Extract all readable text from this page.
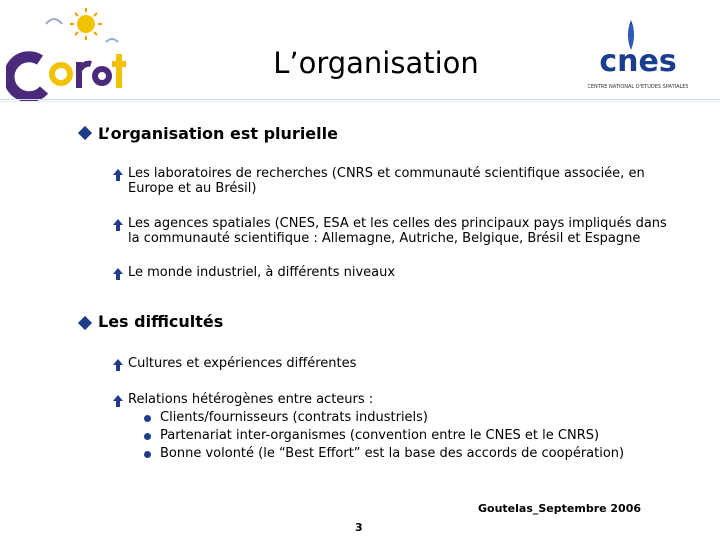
L’organisation	cnes
CENTRE NATIONAL D'ETUDES SPATIALES
L’organisation est plurielle
Les laboratoires de recherches (CNRS et communauté scientifique associée, en
Europe et au Brésil)
Les agences spatiales (CNES, ESA et les celles des principaux pays impliqués dans
la communauté scientifique : Allemagne, Autriche, Belgique, Brésil et Espagne
Le monde industriel, à différents niveaux
Les difficultés
Cultures et expériences différentes
Relations hétérogènes entre acteurs :
Clients/fournisseurs (contrats industriels)
Partenariat inter-organismes (convention entre le CNES et le CNRS)
Bonne volonté (le “Best Effort” est la base des accords de coopération)
Goutelas_Septembre 2006
3
